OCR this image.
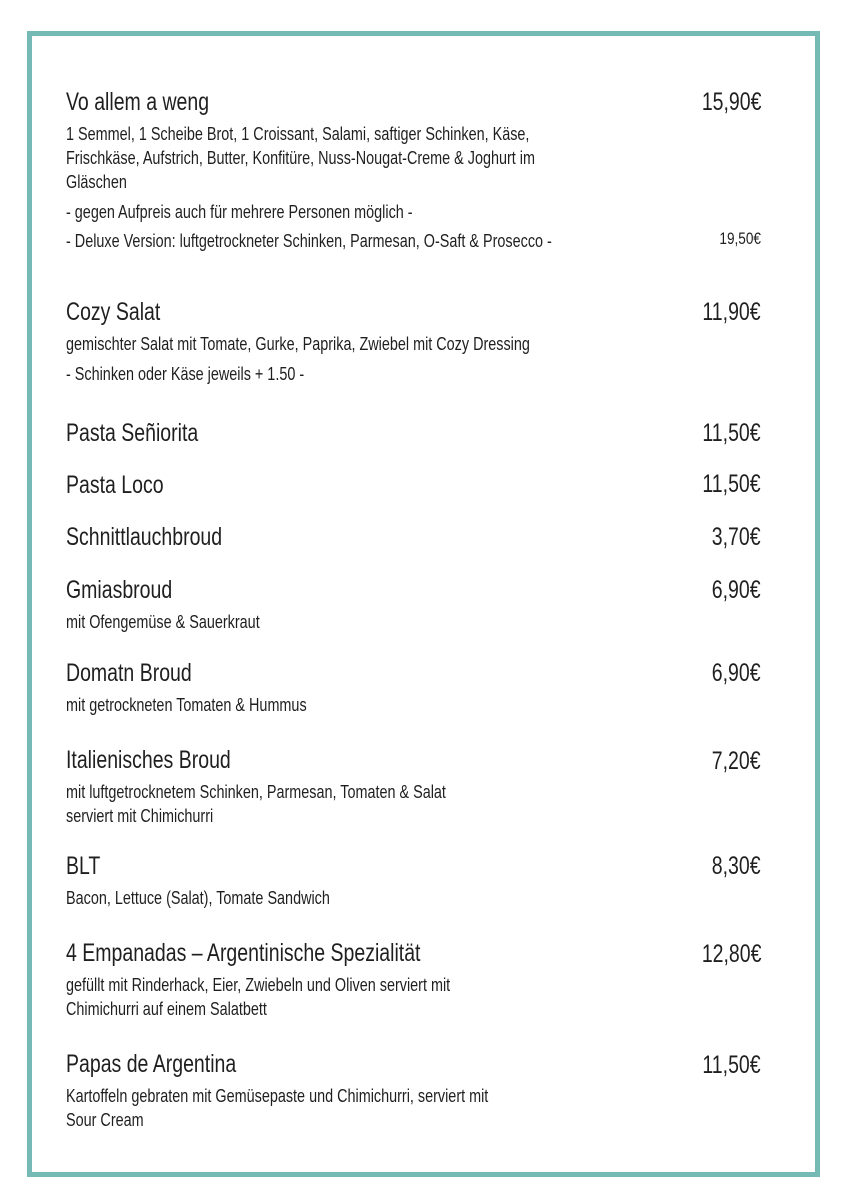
Vo allem a weng	15,90€
1 Semmel, 1 Scheibe Brot, 1 Croissant, Salami, saftiger Schinken, Käse,
Frischkäse, Aufstrich, Butter, Konfitüre, Nuss-Nougat-Creme & Joghurt im
Gläschen
- gegen Aufpreis auch für mehrere Personen möglich -
- Deluxe Version: luftgetrockneter Schinken, Parmesan, O-Saft & Prosecco -	19,50€
Cozy Salat	11,90€
gemischter Salat mit Tomate, Gurke, Paprika, Zwiebel mit Cozy Dressing
- Schinken oder Käse jeweils + 1.50 -
Pasta Señiorita	11,50€
Pasta Loco	11,50€
Schnittlauchbroud	3,70€
Gmiasbroud	6,90€
mit Ofengemüse & Sauerkraut
Domatn Broud	6,90€
mit getrockneten Tomaten & Hummus
Italienisches Broud	7,20€
mit luftgetrocknetem Schinken, Parmesan, Tomaten & Salat
serviert mit Chimichurri
BLT	8,30€
Bacon, Lettuce (Salat), Tomate Sandwich
4 Empanadas – Argentinische Spezialität	12,80€
gefüllt mit Rinderhack, Eier, Zwiebeln und Oliven serviert mit
Chimichurri auf einem Salatbett
Papas de Argentina	11,50€
Kartoffeln gebraten mit Gemüsepaste und Chimichurri, serviert mit
Sour Cream
